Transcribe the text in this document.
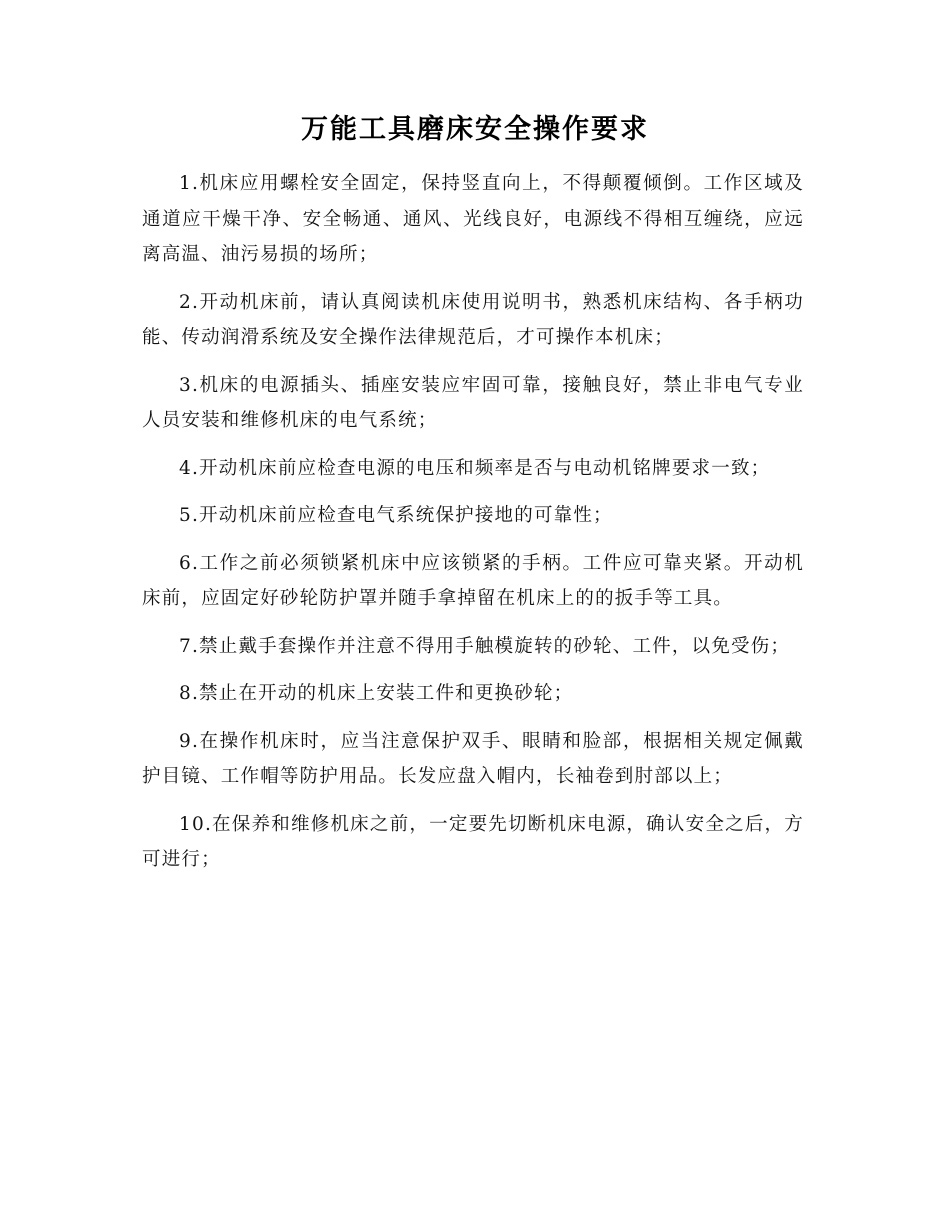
万能工具磨床安全操作要求

1.机床应用螺栓安全固定，保持竖直向上，不得颠覆倾倒。工作区域及通道应干燥干净、安全畅通、通风、光线良好，电源线不得相互缠绕，应远离高温、油污易损的场所；

2.开动机床前，请认真阅读机床使用说明书，熟悉机床结构、各手柄功能、传动润滑系统及安全操作法律规范后，才可操作本机床；

3.机床的电源插头、插座安装应牢固可靠，接触良好，禁止非电气专业人员安装和维修机床的电气系统；

4.开动机床前应检查电源的电压和频率是否与电动机铭牌要求一致；

5.开动机床前应检查电气系统保护接地的可靠性；

6.工作之前必须锁紧机床中应该锁紧的手柄。工件应可靠夹紧。开动机床前，应固定好砂轮防护罩并随手拿掉留在机床上的的扳手等工具。

7.禁止戴手套操作并注意不得用手触模旋转的砂轮、工件，以免受伤；

8.禁止在开动的机床上安装工件和更换砂轮；

9.在操作机床时，应当注意保护双手、眼睛和脸部，根据相关规定佩戴护目镜、工作帽等防护用品。长发应盘入帽内，长袖卷到肘部以上；

10.在保养和维修机床之前，一定要先切断机床电源，确认安全之后，方可进行；
